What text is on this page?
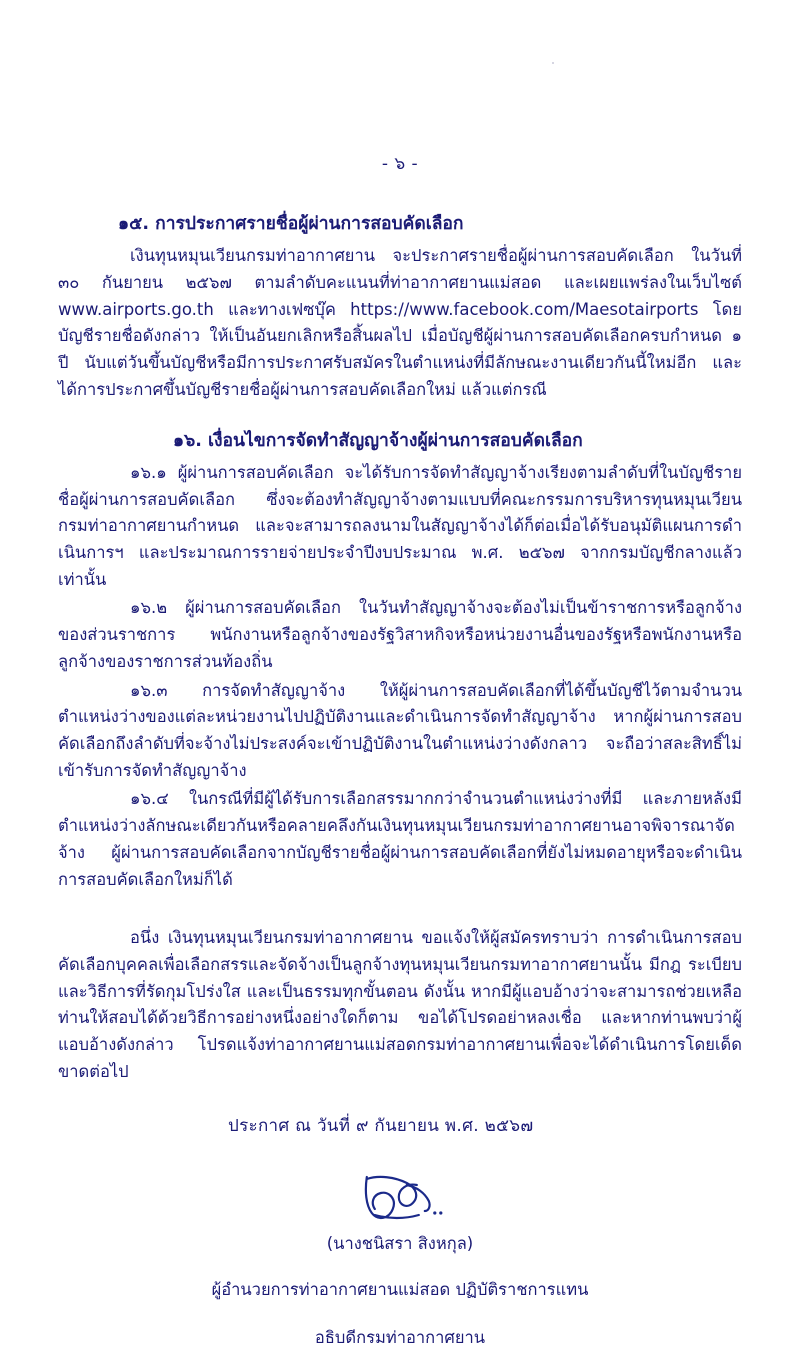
- ๖ -

๑๕. การประกาศรายชื่อผู้ผ่านการสอบคัดเลือก

เงินทุนหมุนเวียนกรมท่าอากาศยาน จะประกาศรายชื่อผู้ผ่านการสอบคัดเลือก ในวันที่ ๓๐ กันยายน ๒๕๖๗ ตามลำดับคะแนนที่ท่าอากาศยานแม่สอด และเผยแพร่ลงในเว็บไซต์ www.airports.go.th และทางเฟซบุ๊ค https://www.facebook.com/Maesotairports โดยบัญชีรายชื่อดังกล่าว ให้เป็นอันยกเลิกหรือสิ้นผลไป เมื่อบัญชีผู้ผ่านการสอบคัดเลือกครบกำหนด ๑ ปี นับแต่วันขึ้นบัญชีหรือมีการประกาศรับสมัครในตำแหน่งที่มีลักษณะงานเดียวกันนี้ใหม่อีก และได้การประกาศขึ้นบัญชีรายชื่อผู้ผ่านการสอบคัดเลือกใหม่ แล้วแต่กรณี

๑๖. เงื่อนไขการจัดทำสัญญาจ้างผู้ผ่านการสอบคัดเลือก

๑๖.๑ ผู้ผ่านการสอบคัดเลือก จะได้รับการจัดทำสัญญาจ้างเรียงตามลำดับที่ในบัญชีรายชื่อผู้ผ่านการสอบคัดเลือก ซึ่งจะต้องทำสัญญาจ้างตามแบบที่คณะกรรมการบริหารทุนหมุนเวียนกรมท่าอากาศยานกำหนด และจะสามารถลงนามในสัญญาจ้างได้ก็ต่อเมื่อได้รับอนุมัติแผนการดำเนินการฯ และประมาณการรายจ่ายประจำปีงบประมาณ พ.ศ. ๒๕๖๗ จากกรมบัญชีกลางแล้วเท่านั้น

๑๖.๒ ผู้ผ่านการสอบคัดเลือก ในวันทำสัญญาจ้างจะต้องไม่เป็นข้าราชการหรือลูกจ้างของส่วนราชการ พนักงานหรือลูกจ้างของรัฐวิสาหกิจหรือหน่วยงานอื่นของรัฐหรือพนักงานหรือลูกจ้างของราชการส่วนท้องถิ่น

๑๖.๓ การจัดทำสัญญาจ้าง ให้ผู้ผ่านการสอบคัดเลือกที่ได้ขึ้นบัญชีไว้ตามจำนวนตำแหน่งว่างของแต่ละหน่วยงานไปปฏิบัติงานและดำเนินการจัดทำสัญญาจ้าง หากผู้ผ่านการสอบคัดเลือกถึงลำดับที่จะจ้างไม่ประสงค์จะเข้าปฏิบัติงานในตำแหน่งว่างดังกลาว จะถือว่าสละสิทธิ์ไม่เข้ารับการจัดทำสัญญาจ้าง

๑๖.๔ ในกรณีที่มีผู้ได้รับการเลือกสรรมากกว่าจำนวนตำแหน่งว่างที่มี และภายหลังมีตำแหน่งว่างลักษณะเดียวกันหรือคลายคลึงกันเงินทุนหมุนเวียนกรมท่าอากาศยานอาจพิจารณาจัดจ้าง ผู้ผ่านการสอบคัดเลือกจากบัญชีรายชื่อผู้ผ่านการสอบคัดเลือกที่ยังไม่หมดอายุหรือจะดำเนินการสอบคัดเลือกใหม่ก็ได้

อนึ่ง เงินทุนหมุนเวียนกรมท่าอากาศยาน ขอแจ้งให้ผู้สมัครทราบว่า การดำเนินการสอบคัดเลือกบุคคลเพื่อเลือกสรรและจัดจ้างเป็นลูกจ้างทุนหมุนเวียนกรมทาอากาศยานนั้น มีกฎ ระเบียบ และวิธีการที่รัดกุมโปร่งใส และเป็นธรรมทุกขั้นตอน ดังนั้น หากมีผู้แอบอ้างว่าจะสามารถช่วยเหลือท่านให้สอบได้ด้วยวิธีการอย่างหนึ่งอย่างใดก็ตาม ขอได้โปรดอย่าหลงเชื่อ และหากท่านพบว่าผู้แอบอ้างดังกล่าว โปรดแจ้งท่าอากาศยานแม่สอดกรมท่าอากาศยานเพื่อจะได้ดำเนินการโดยเด็ดขาดต่อไป

ประกาศ ณ วันที่ ๙ กันยายน พ.ศ. ๒๕๖๗

(นางชนิสรา สิงหกุล)

ผู้อำนวยการท่าอากาศยานแม่สอด ปฏิบัติราชการแทน

อธิบดีกรมท่าอากาศยาน
